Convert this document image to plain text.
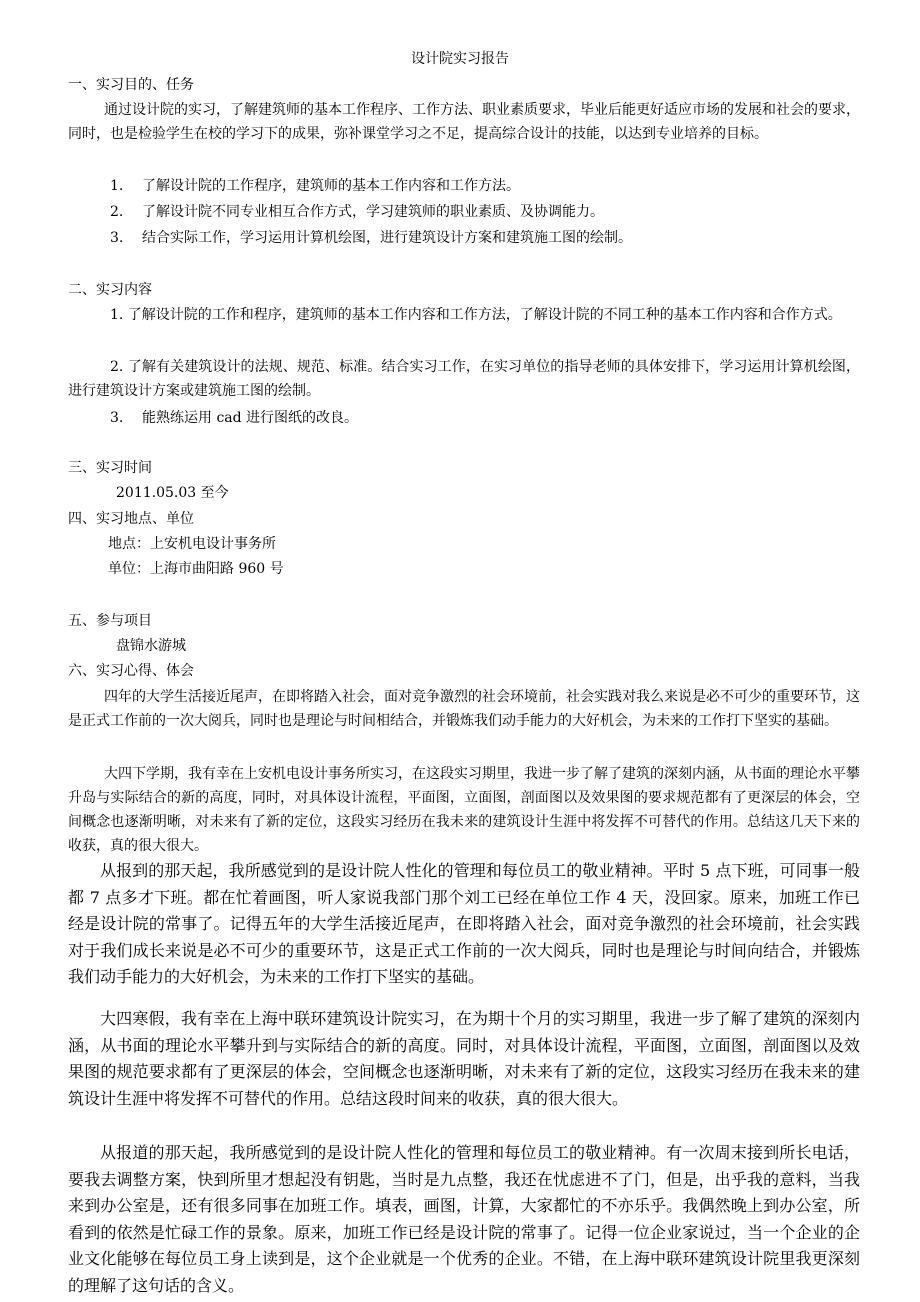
设计院实习报告
一、实习目的、任务
通过设计院的实习，了解建筑师的基本工作程序、工作方法、职业素质要求，毕业后能更好适应市场的发展和社会的要求，同时，也是检验学生在校的学习下的成果，弥补课堂学习之不足，提高综合设计的技能，以达到专业培养的目标。
1. 了解设计院的工作程序，建筑师的基本工作内容和工作方法。
2. 了解设计院不同专业相互合作方式，学习建筑师的职业素质、及协调能力。
3. 结合实际工作，学习运用计算机绘图，进行建筑设计方案和建筑施工图的绘制。
二、实习内容
1. 了解设计院的工作和程序，建筑师的基本工作内容和工作方法，了解设计院的不同工种的基本工作内容和合作方式。
2. 了解有关建筑设计的法规、规范、标准。结合实习工作，在实习单位的指导老师的具体安排下，学习运用计算机绘图，进行建筑设计方案或建筑施工图的绘制。
3. 能熟练运用 cad 进行图纸的改良。
三、实习时间
2011.05.03 至今
四、实习地点、单位
地点：上安机电设计事务所
单位：上海市曲阳路 960 号
五、参与项目
盘锦水游城
六、实习心得、体会
四年的大学生活接近尾声，在即将踏入社会，面对竞争激烈的社会环境前，社会实践对我么来说是必不可少的重要环节，这是正式工作前的一次大阅兵，同时也是理论与时间相结合，并锻炼我们动手能力的大好机会，为未来的工作打下坚实的基础。
大四下学期，我有幸在上安机电设计事务所实习，在这段实习期里，我进一步了解了建筑的深刻内涵，从书面的理论水平攀升岛与实际结合的新的高度，同时，对具体设计流程，平面图，立面图，剖面图以及效果图的要求规范都有了更深层的体会，空间概念也逐渐明晰，对未来有了新的定位，这段实习经历在我未来的建筑设计生涯中将发挥不可替代的作用。总结这几天下来的收获，真的很大很大。
从报到的那天起，我所感觉到的是设计院人性化的管理和每位员工的敬业精神。平时 5 点下班，可同事一般都 7 点多才下班。都在忙着画图，听人家说我部门那个刘工已经在单位工作 4 天，没回家。原来，加班工作已经是设计院的常事了。记得五年的大学生活接近尾声，在即将踏入社会，面对竞争激烈的社会环境前，社会实践对于我们成长来说是必不可少的重要环节，这是正式工作前的一次大阅兵，同时也是理论与时间向结合，并锻炼我们动手能力的大好机会，为未来的工作打下坚实的基础。
大四寒假，我有幸在上海中联环建筑设计院实习，在为期十个月的实习期里，我进一步了解了建筑的深刻内涵，从书面的理论水平攀升到与实际结合的新的高度。同时，对具体设计流程，平面图，立面图，剖面图以及效果图的规范要求都有了更深层的体会，空间概念也逐渐明晰，对未来有了新的定位，这段实习经历在我未来的建筑设计生涯中将发挥不可替代的作用。总结这段时间来的收获，真的很大很大。
从报道的那天起，我所感觉到的是设计院人性化的管理和每位员工的敬业精神。有一次周末接到所长电话，要我去调整方案，快到所里才想起没有钥匙，当时是九点整，我还在忧虑进不了门，但是，出乎我的意料，当我来到办公室是，还有很多同事在加班工作。填表，画图，计算，大家都忙的不亦乐乎。我偶然晚上到办公室，所看到的依然是忙碌工作的景象。原来，加班工作已经是设计院的常事了。记得一位企业家说过，当一个企业的企业文化能够在每位员工身上读到是，这个企业就是一个优秀的企业。不错，在上海中联环建筑设计院里我更深刻的理解了这句话的含义。
